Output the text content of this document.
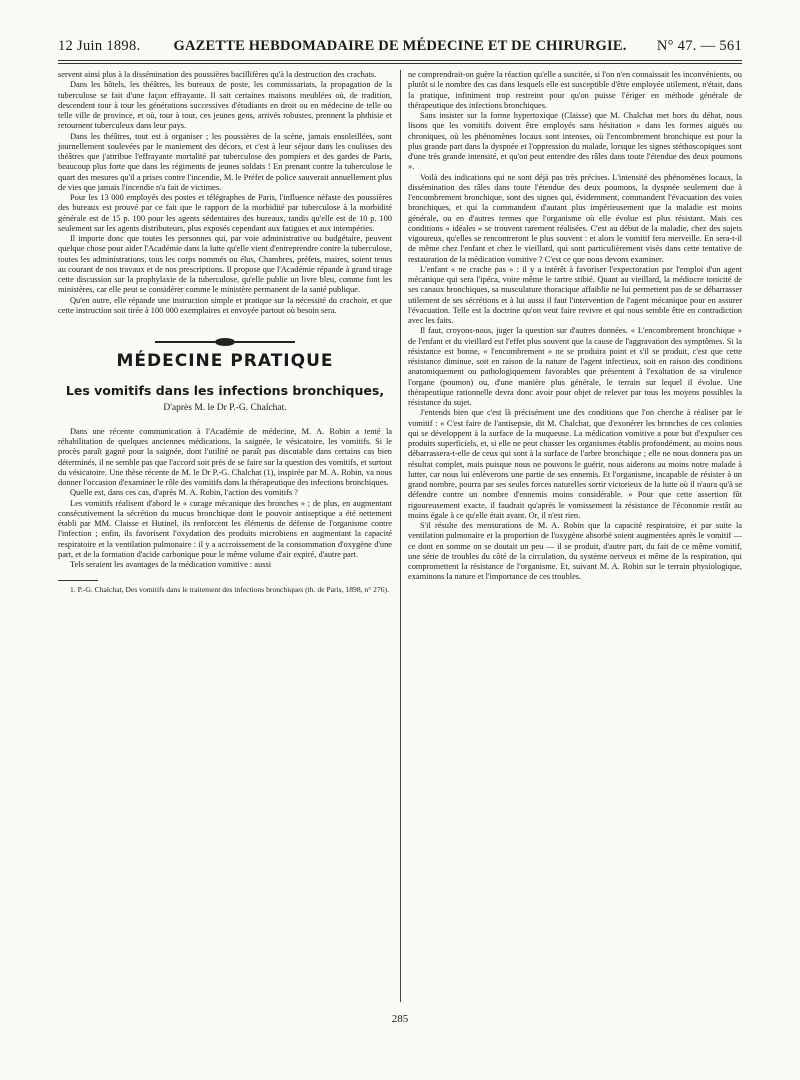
12 Juin 1898.	GAZETTE HEBDOMADAIRE DE MÉDECINE ET DE CHIRURGIE.	N° 47. — 561

servent ainsi plus à la dissémination des poussières bacillifères qu'à la destruction des crachats.

Dans les hôtels, les théâtres, les bureaux de poste, les commissariats, la propagation de la tuberculose se fait d'une façon effrayante. Il sait certaines maisons meublées où, de tradition, descendent tour à tour les générations successives d'étudiants en droit ou en médecine de telle ou telle ville de province, et où, tour à tour, ces jeunes gens, arrivés robustes, prennent la phthisie et retournent tuberculeux dans leur pays.

Dans les théâtres, tout est à organiser ; les poussières de la scène, jamais ensoleillées, sont journellement soulevées par le maniement des décors, et c'est à leur séjour dans les coulisses des théâtres que j'attribue l'effrayante mortalité par tuberculose des pompiers et des gardes de Paris, beaucoup plus forte que dans les régiments de jeunes soldats ! En prenant contre la tuberculose le quart des mesures qu'il a prises contre l'incendie, M. le Préfet de police sauverait annuellement plus de vies que jamais l'incendie n'a fait de victimes.

Pour les 13 000 employés des postes et télégraphes de Paris, l'influence néfaste des poussières des bureaux est prouvé par ce fait que le rapport de la morbidité par tuberculose à la morbidité générale est de 15 p. 100 pour les agents sédentaires des bureaux, tandis qu'elle est de 10 p. 100 seulement sur les agents distributeurs, plus exposés cependant aux fatigues et aux intempéries.

Il importe donc que toutes les personnes qui, par voie administrative ou budgétaire, peuvent quelque chose pour aider l'Académie dans la lutte qu'elle vient d'entreprendre contre la tuberculose, toutes les administrations, tous les corps nommés ou élus, Chambres, préfets, maires, soient tenus au courant de nos travaux et de nos prescriptions. Il propose que l'Académie répande à grand tirage cette discussion sur la prophylaxie de la tuberculose, qu'elle publie un livre bleu, comme font les ministères, car elle peut se considérer comme le ministère permanent de la santé publique.

Qu'en outre, elle répande une instruction simple et pratique sur la nécessité du crachoir, et que cette instruction soit tirée à 100 000 exemplaires et envoyée partout où besoin sera.

MÉDECINE PRATIQUE
Les vomitifs dans les infections bronchiques,
D'après M. le Dr P.-G. Chalchat.

Dans une récente communication à l'Académie de médecine, M. A. Robin a tenté la réhabilitation de quelques anciennes médications, la saignée, le vésicatoire, les vomitifs. Si le procès paraît gagné pour la saignée, dont l'utilité ne paraît pas discutable dans certains cas bien déterminés, il ne semble pas que l'accord soit près de se faire sur la question des vomitifs, et surtout du vésicatoire. Une thèse récente de M. le Dr P.-G. Chalchat (1), inspirée par M. A. Robin, va nous donner l'occasion d'examiner le rôle des vomitifs dans la thérapeutique des infections bronchiques.

Quelle est, dans ces cas, d'après M. A. Robin, l'action des vomitifs ?

Les vomitifs réalisent d'abord le « curage mécanique des bronches » ; de plus, en augmentant consécutivement la sécrétion du mucus bronchique dont le pouvoir antiseptique a été nettement établi par MM. Claisse et Hutinel, ils renforcent les éléments de défense de l'organisme contre l'infection ; enfin, ils favorisent l'oxydation des produits microbiens en augmentant la capacité respiratoire et la ventilation pulmonaire : il y a accroissement de la consommation d'oxygène d'une part, et de la formation d'acide carbonique pour le même volume d'air expiré, d'autre part.

Tels seraient les avantages de la médication vomitive : aussi

1. P.-G. Chalchat, Des vomitifs dans le traitement des infections bronchiques (th. de Paris, 1898, n° 276).

ne comprendrait-on guère la réaction qu'elle a suscitée, si l'on n'en connaissait les inconvénients, ou plutôt si le nombre des cas dans lesquels elle est susceptible d'être employée utilement, n'était, dans la pratique, infiniment trop restreint pour qu'on puisse l'ériger en méthode générale de thérapeutique des infections bronchiques.

Sans insister sur la forme hypertoxique (Claisse) que M. Chalchat met hors du débat, nous lisons que les vomitifs doivent être employés sans hésitation « dans les formes aiguës ou chroniques, où les phénomènes locaux sont intenses, où l'encombrement bronchique est pour la plus grande part dans la dyspnée et l'oppression du malade, lorsque les signes stéthoscopiques sont d'une très grande intensité, et qu'on peut entendre des râles dans toute l'étendue des deux poumons ».

Voilà des indications qui ne sont déjà pas très précises. L'intensité des phénomènes locaux, la dissémination des râles dans toute l'étendue des deux poumons, la dyspnée seulement due à l'encombrement bronchique, sont des signes qui, évidemment, commandent l'évacuation des voies bronchiques, et qui la commandent d'autant plus impérieusement que la maladie est moins générale, ou en d'autres termes que l'organisme où elle évolue est plus résistant. Mais ces conditions « idéales » se trouvent rarement réalisées. C'est au début de la maladie, chez des sujets vigoureux, qu'elles se rencontreront le plus souvent : et alors le vomitif fera merveille. En sera-t-il de même chez l'enfant et chez le vieillard, qui sont particulièrement visés dans cette tentative de restauration de la médication vomitive ? C'est ce que nous devons examiner.

L'enfant « ne crache pas » : il y a intérêt à favoriser l'expectoration par l'emploi d'un agent mécanique qui sera l'ipéca, voire même le tartre stibié. Quant au vieillard, la médiocre tonicité de ses canaux bronchiques, sa musculature thoracique affaiblie ne lui permettent pas de se débarrasser utilement de ses sécrétions et à lui aussi il faut l'intervention de l'agent mécanique pour en assurer l'évacuation. Telle est la doctrine qu'on veut faire revivre et qui nous semble être en contradiction avec les faits.

Il faut, croyons-nous, juger la question sur d'autres données. « L'encombrement bronchique » de l'enfant et du vieillard est l'effet plus souvent que la cause de l'aggravation des symptômes. Si la résistance est bonne, « l'encombrement » ne se produira point et s'il se produit, c'est que cette résistance diminue, soit en raison de la nature de l'agent infectieux, soit en raison des conditions anatomiquement ou pathologiquement favorables que présentent à l'exaltation de sa virulence l'organe (poumon) ou, d'une manière plus générale, le terrain sur lequel il évolue. Une thérapeutique rationnelle devra donc avoir pour objet de relever par tous les moyens possibles la résistance du sujet.

J'entends bien que c'est là précisément une des conditions que l'on cherche à réaliser par le vomitif : « C'est faire de l'antisepsie, dit M. Chalchat, que d'exonérer les bronches de ces colonies qui se développent à la surface de la muqueuse. La médication vomitive a pour but d'expulser ces produits superficiels, et, si elle ne peut chasser les organismes établis profondément, au moins nous débarrassera-t-elle de ceux qui sont à la surface de l'arbre bronchique ; elle ne nous donnera pas un résultat complet, mais puisque nous ne pouvons le guérir, nous aiderons au moins notre malade à lutter, car nous lui enlèverons une partie de ses ennemis. Et l'organisme, incapable de résister à un grand nombre, pourra par ses seules forces naturelles sortir victorieux de la lutte où il n'aura qu'à se défendre contre un nombre d'ennemis moins considérable. » Pour que cette assertion fût rigoureusement exacte, il faudrait qu'après le vomissement la résistance de l'économie restât au moins égale à ce qu'elle était avant. Or, il n'est rien.

S'il résulte des mensurations de M. A. Robin que la capacité respiratoire, et par suite la ventilation pulmonaire et la proportion de l'oxygène absorbé soient augmentées après le vomitif — ce dont en somme on se doutait un peu — il se produit, d'autre part, du fait de ce même vomitif, une série de troubles du côté de la circulation, du système nerveux et même de la respiration, qui compromettent la résistance de l'organisme. Et, suivant M. A. Robin sur le terrain physiologique, examinons la nature et l'importance de ces troubles.

285
